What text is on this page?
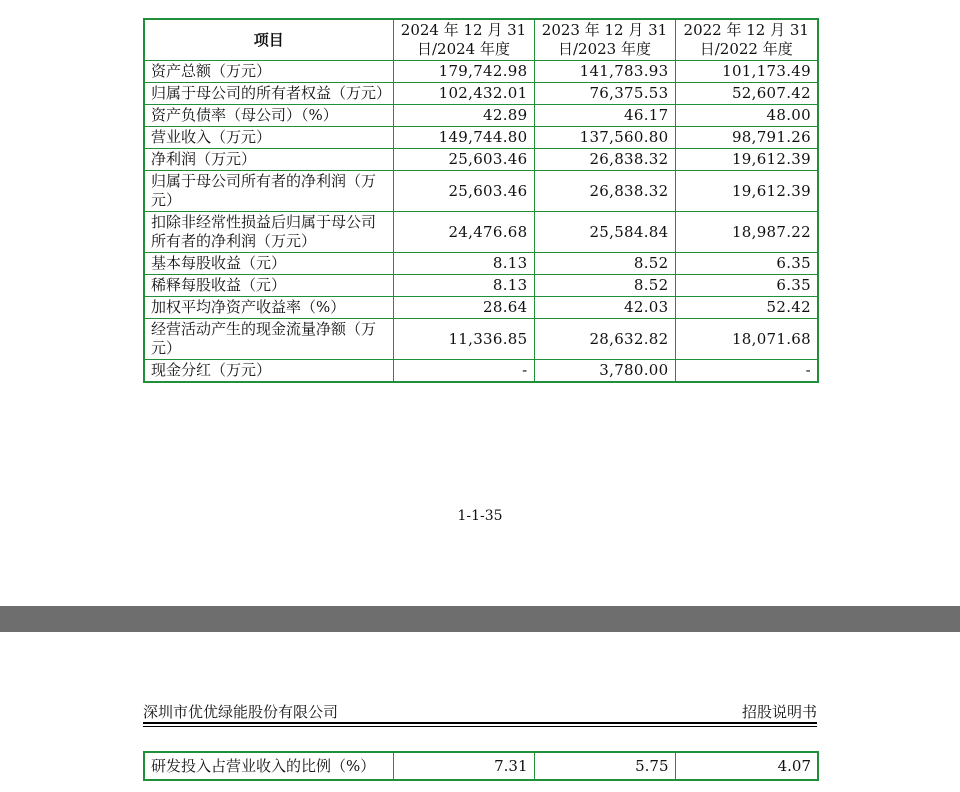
项目	2024 年 12 月 31 日/2024 年度	2023 年 12 月 31 日/2023 年度	2022 年 12 月 31 日/2022 年度
资产总额（万元）	179,742.98	141,783.93	101,173.49
归属于母公司的所有者权益（万元）	102,432.01	76,375.53	52,607.42
资产负债率（母公司）（%）	42.89	46.17	48.00
营业收入（万元）	149,744.80	137,560.80	98,791.26
净利润（万元）	25,603.46	26,838.32	19,612.39
归属于母公司所有者的净利润（万元）	25,603.46	26,838.32	19,612.39
扣除非经常性损益后归属于母公司所有者的净利润（万元）	24,476.68	25,584.84	18,987.22
基本每股收益（元）	8.13	8.52	6.35
稀释每股收益（元）	8.13	8.52	6.35
加权平均净资产收益率（%）	28.64	42.03	52.42
经营活动产生的现金流量净额（万元）	11,336.85	28,632.82	18,071.68
现金分红（万元）	-	3,780.00	-
1-1-35
深圳市优优绿能股份有限公司	招股说明书
研发投入占营业收入的比例（%）	7.31	5.75	4.07
